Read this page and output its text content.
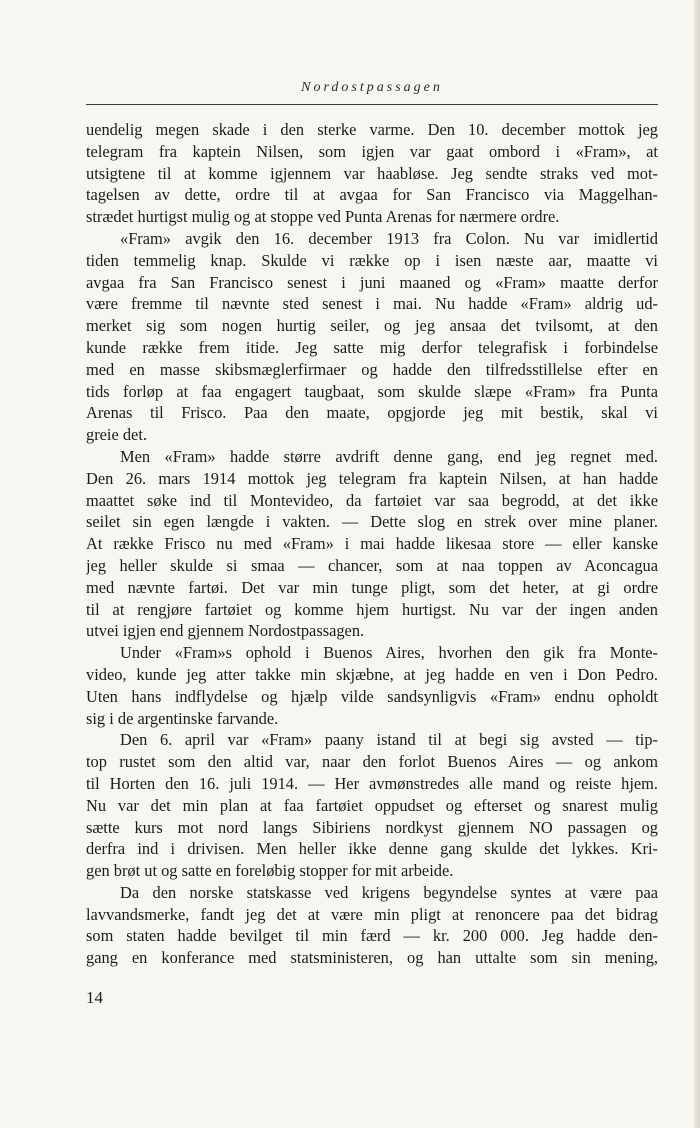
Nordostpassagen
uendelig megen skade i den sterke varme. Den 10. december mottok jeg
telegram fra kaptein Nilsen, som igjen var gaat ombord i «Fram», at
utsigtene til at komme igjennem var haabløse. Jeg sendte straks ved mot-
tagelsen av dette, ordre til at avgaa for San Francisco via Maggelhan-
strædet hurtigst mulig og at stoppe ved Punta Arenas for nærmere ordre.
«Fram» avgik den 16. december 1913 fra Colon. Nu var imidlertid
tiden temmelig knap. Skulde vi række op i isen næste aar, maatte vi
avgaa fra San Francisco senest i juni maaned og «Fram» maatte derfor
være fremme til nævnte sted senest i mai. Nu hadde «Fram» aldrig ud-
merket sig som nogen hurtig seiler, og jeg ansaa det tvilsomt, at den
kunde række frem itide. Jeg satte mig derfor telegrafisk i forbindelse
med en masse skibsmæglerfirmaer og hadde den tilfredsstillelse efter en
tids forløp at faa engagert taugbaat, som skulde slæpe «Fram» fra Punta
Arenas til Frisco. Paa den maate, opgjorde jeg mit bestik, skal vi
greie det.
Men «Fram» hadde større avdrift denne gang, end jeg regnet med.
Den 26. mars 1914 mottok jeg telegram fra kaptein Nilsen, at han hadde
maattet søke ind til Montevideo, da fartøiet var saa begrodd, at det ikke
seilet sin egen længde i vakten. — Dette slog en strek over mine planer.
At række Frisco nu med «Fram» i mai hadde likesaa store — eller kanske
jeg heller skulde si smaa — chancer, som at naa toppen av Aconcagua
med nævnte fartøi. Det var min tunge pligt, som det heter, at gi ordre
til at rengjøre fartøiet og komme hjem hurtigst. Nu var der ingen anden
utvei igjen end gjennem Nordostpassagen.
Under «Fram»s ophold i Buenos Aires, hvorhen den gik fra Monte-
video, kunde jeg atter takke min skjæbne, at jeg hadde en ven i Don Pedro.
Uten hans indflydelse og hjælp vilde sandsynligvis «Fram» endnu opholdt
sig i de argentinske farvande.
Den 6. april var «Fram» paany istand til at begi sig avsted — tip-
top rustet som den altid var, naar den forlot Buenos Aires — og ankom
til Horten den 16. juli 1914. — Her avmønstredes alle mand og reiste hjem.
Nu var det min plan at faa fartøiet oppudset og efterset og snarest mulig
sætte kurs mot nord langs Sibiriens nordkyst gjennem NO passagen og
derfra ind i drivisen. Men heller ikke denne gang skulde det lykkes. Kri-
gen brøt ut og satte en foreløbig stopper for mit arbeide.
Da den norske statskasse ved krigens begyndelse syntes at være paa
lavvandsmerke, fandt jeg det at være min pligt at renoncere paa det bidrag
som staten hadde bevilget til min færd — kr. 200 000. Jeg hadde den-
gang en konferance med statsministeren, og han uttalte som sin mening,
14
